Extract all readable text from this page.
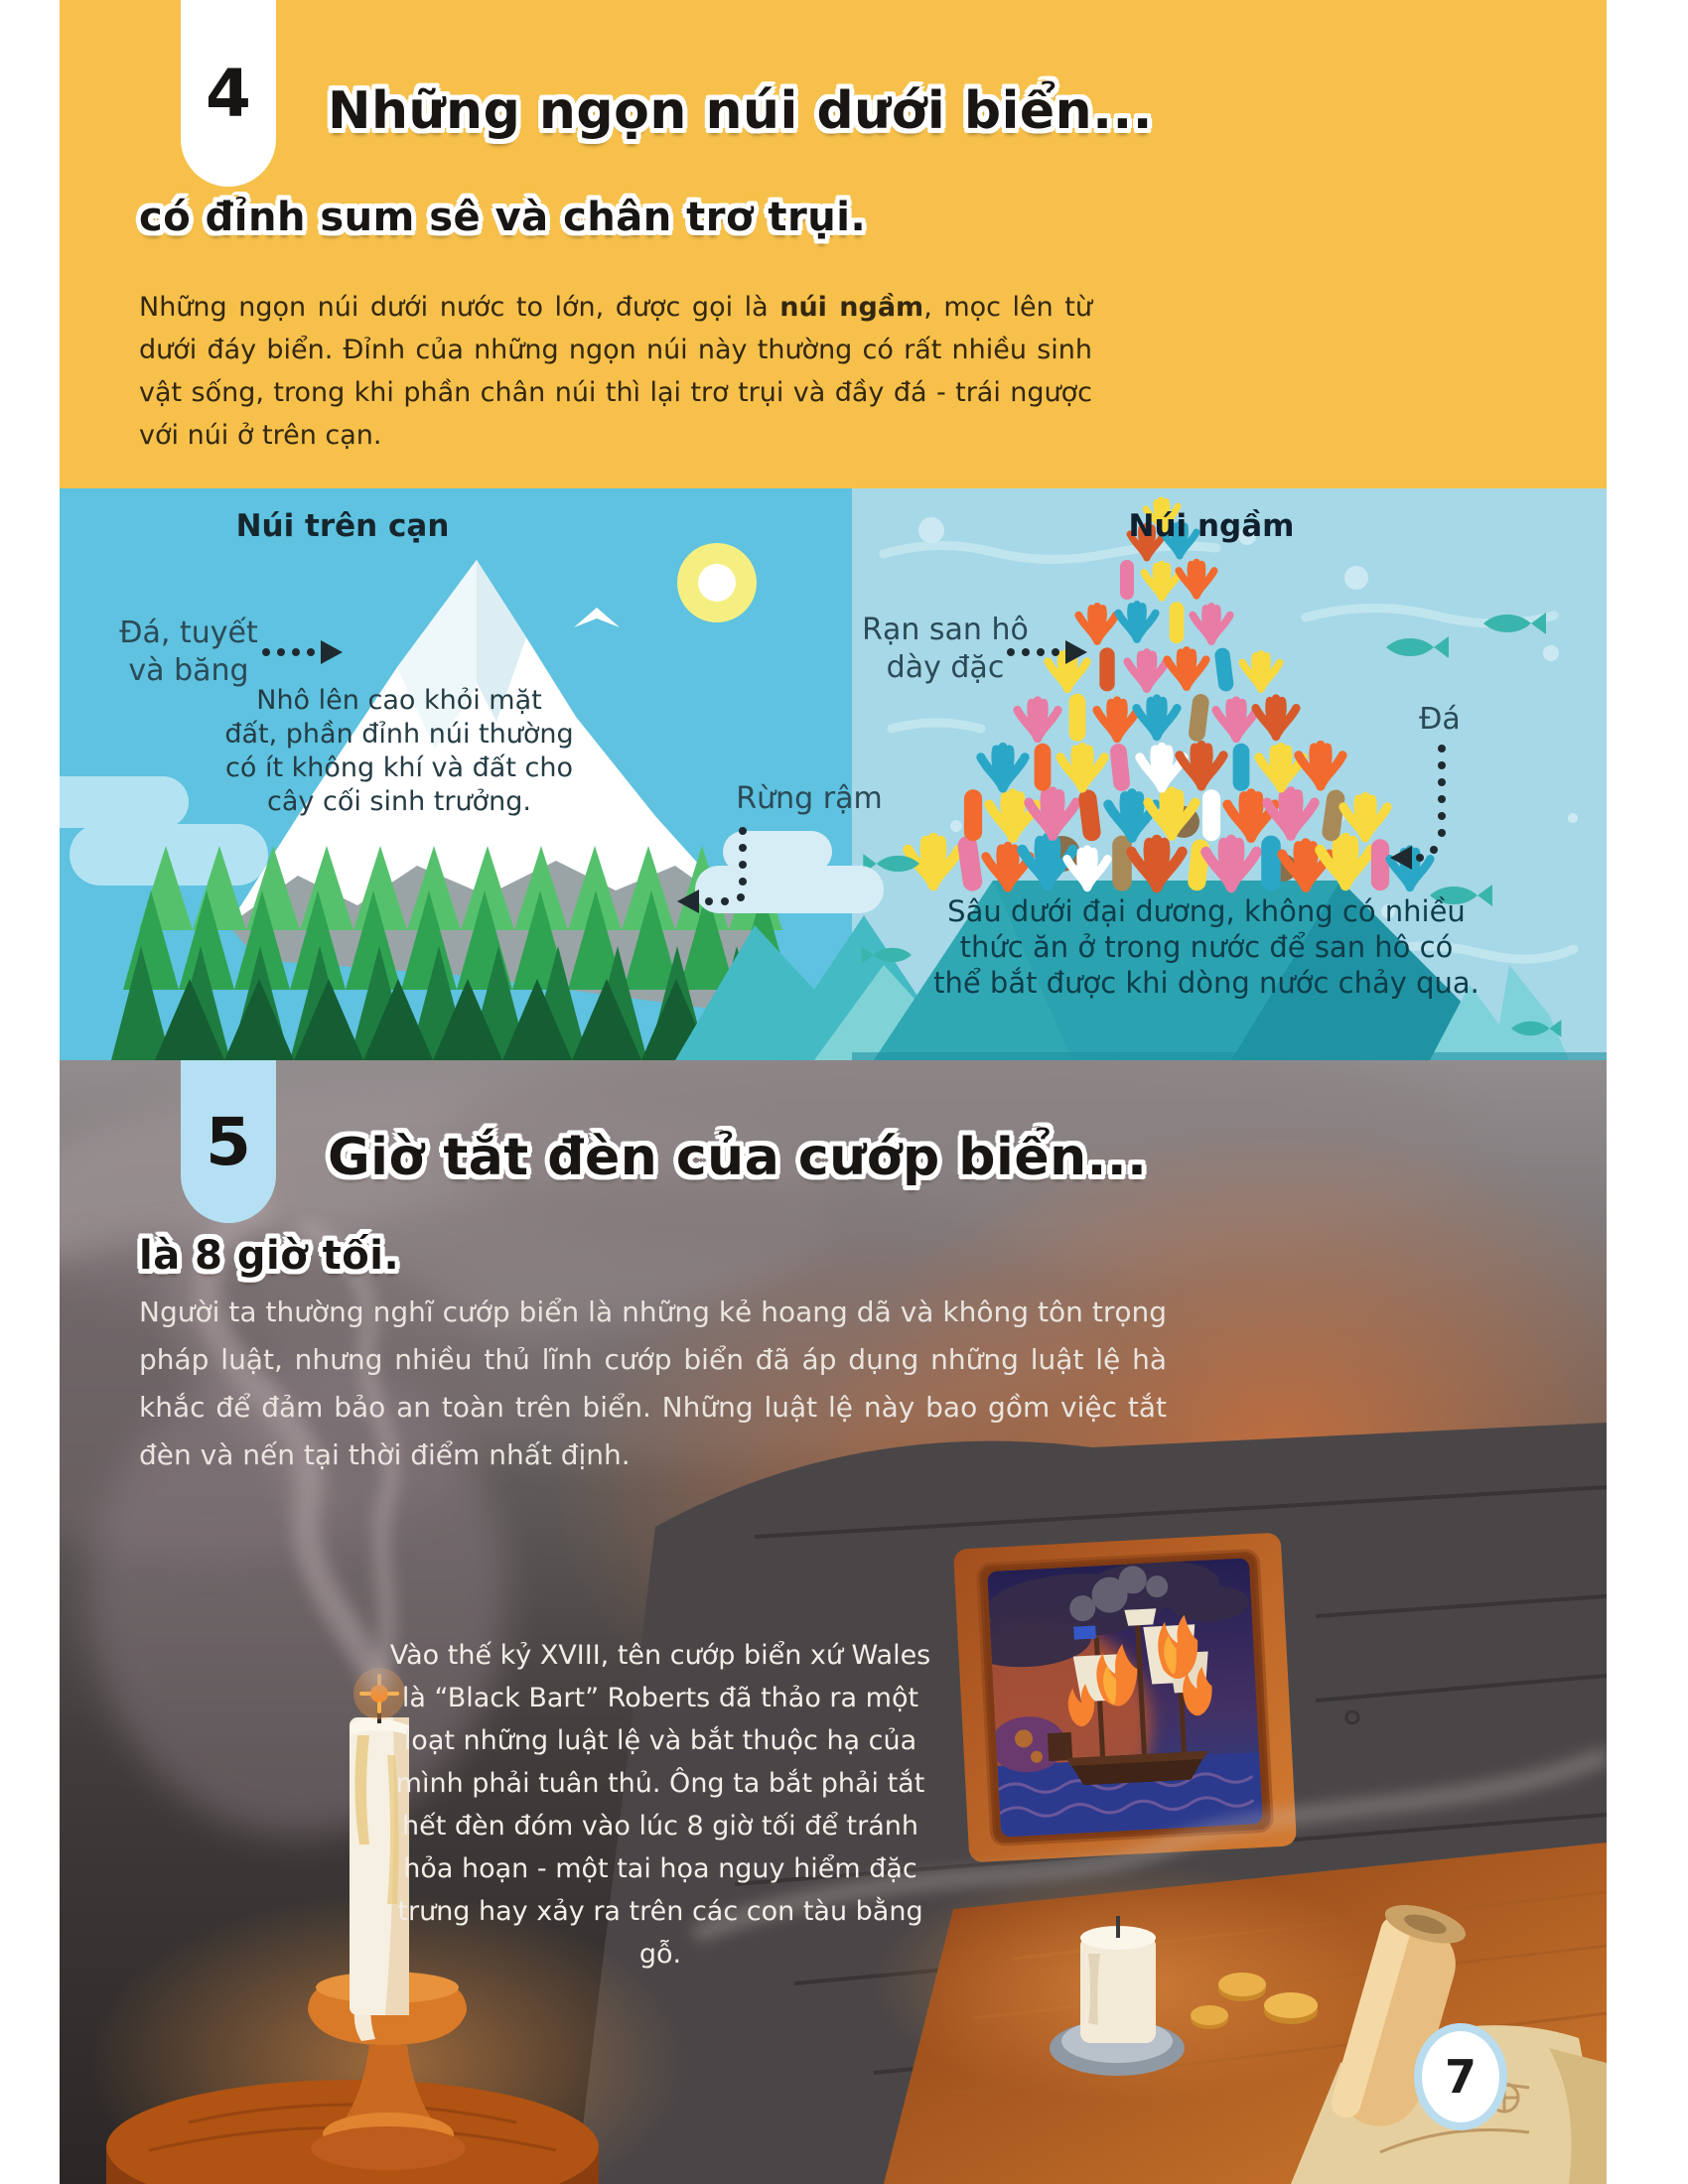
4 Những ngọn núi dưới biển...
có đỉnh sum sê và chân trơ trụi.
Những ngọn núi dưới nước to lớn, được gọi là núi ngầm, mọc lên từ dưới đáy biển. Đỉnh của những ngọn núi này thường có rất nhiều sinh vật sống, trong khi phần chân núi thì lại trơ trụi và đầy đá - trái ngược với núi ở trên cạn.
Núi trên cạn
Đá, tuyết
và băng
Nhô lên cao khỏi mặt
đất, phần đỉnh núi thường
có ít không khí và đất cho
cây cối sinh trưởng.	Rừng rậm
Núi ngầm
Rạn san hô
dày đặc
Đá
Sâu dưới đại dương, không có nhiều
thức ăn ở trong nước để san hô có
thể bắt được khi dòng nước chảy qua.
5 Giờ tắt đèn của cướp biển...
là 8 giờ tối.
Người ta thường nghĩ cướp biển là những kẻ hoang dã và không tôn trọng pháp luật, nhưng nhiều thủ lĩnh cướp biển đã áp dụng những luật lệ hà khắc để đảm bảo an toàn trên biển. Những luật lệ này bao gồm việc tắt đèn và nến tại thời điểm nhất định.
Vào thế kỷ XVIII, tên cướp biển xứ Wales là “Black Bart” Roberts đã thảo ra một loạt những luật lệ và bắt thuộc hạ của mình phải tuân thủ. Ông ta bắt phải tắt hết đèn đóm vào lúc 8 giờ tối để tránh hỏa hoạn - một tai họa nguy hiểm đặc trưng hay xảy ra trên các con tàu bằng gỗ.
7
